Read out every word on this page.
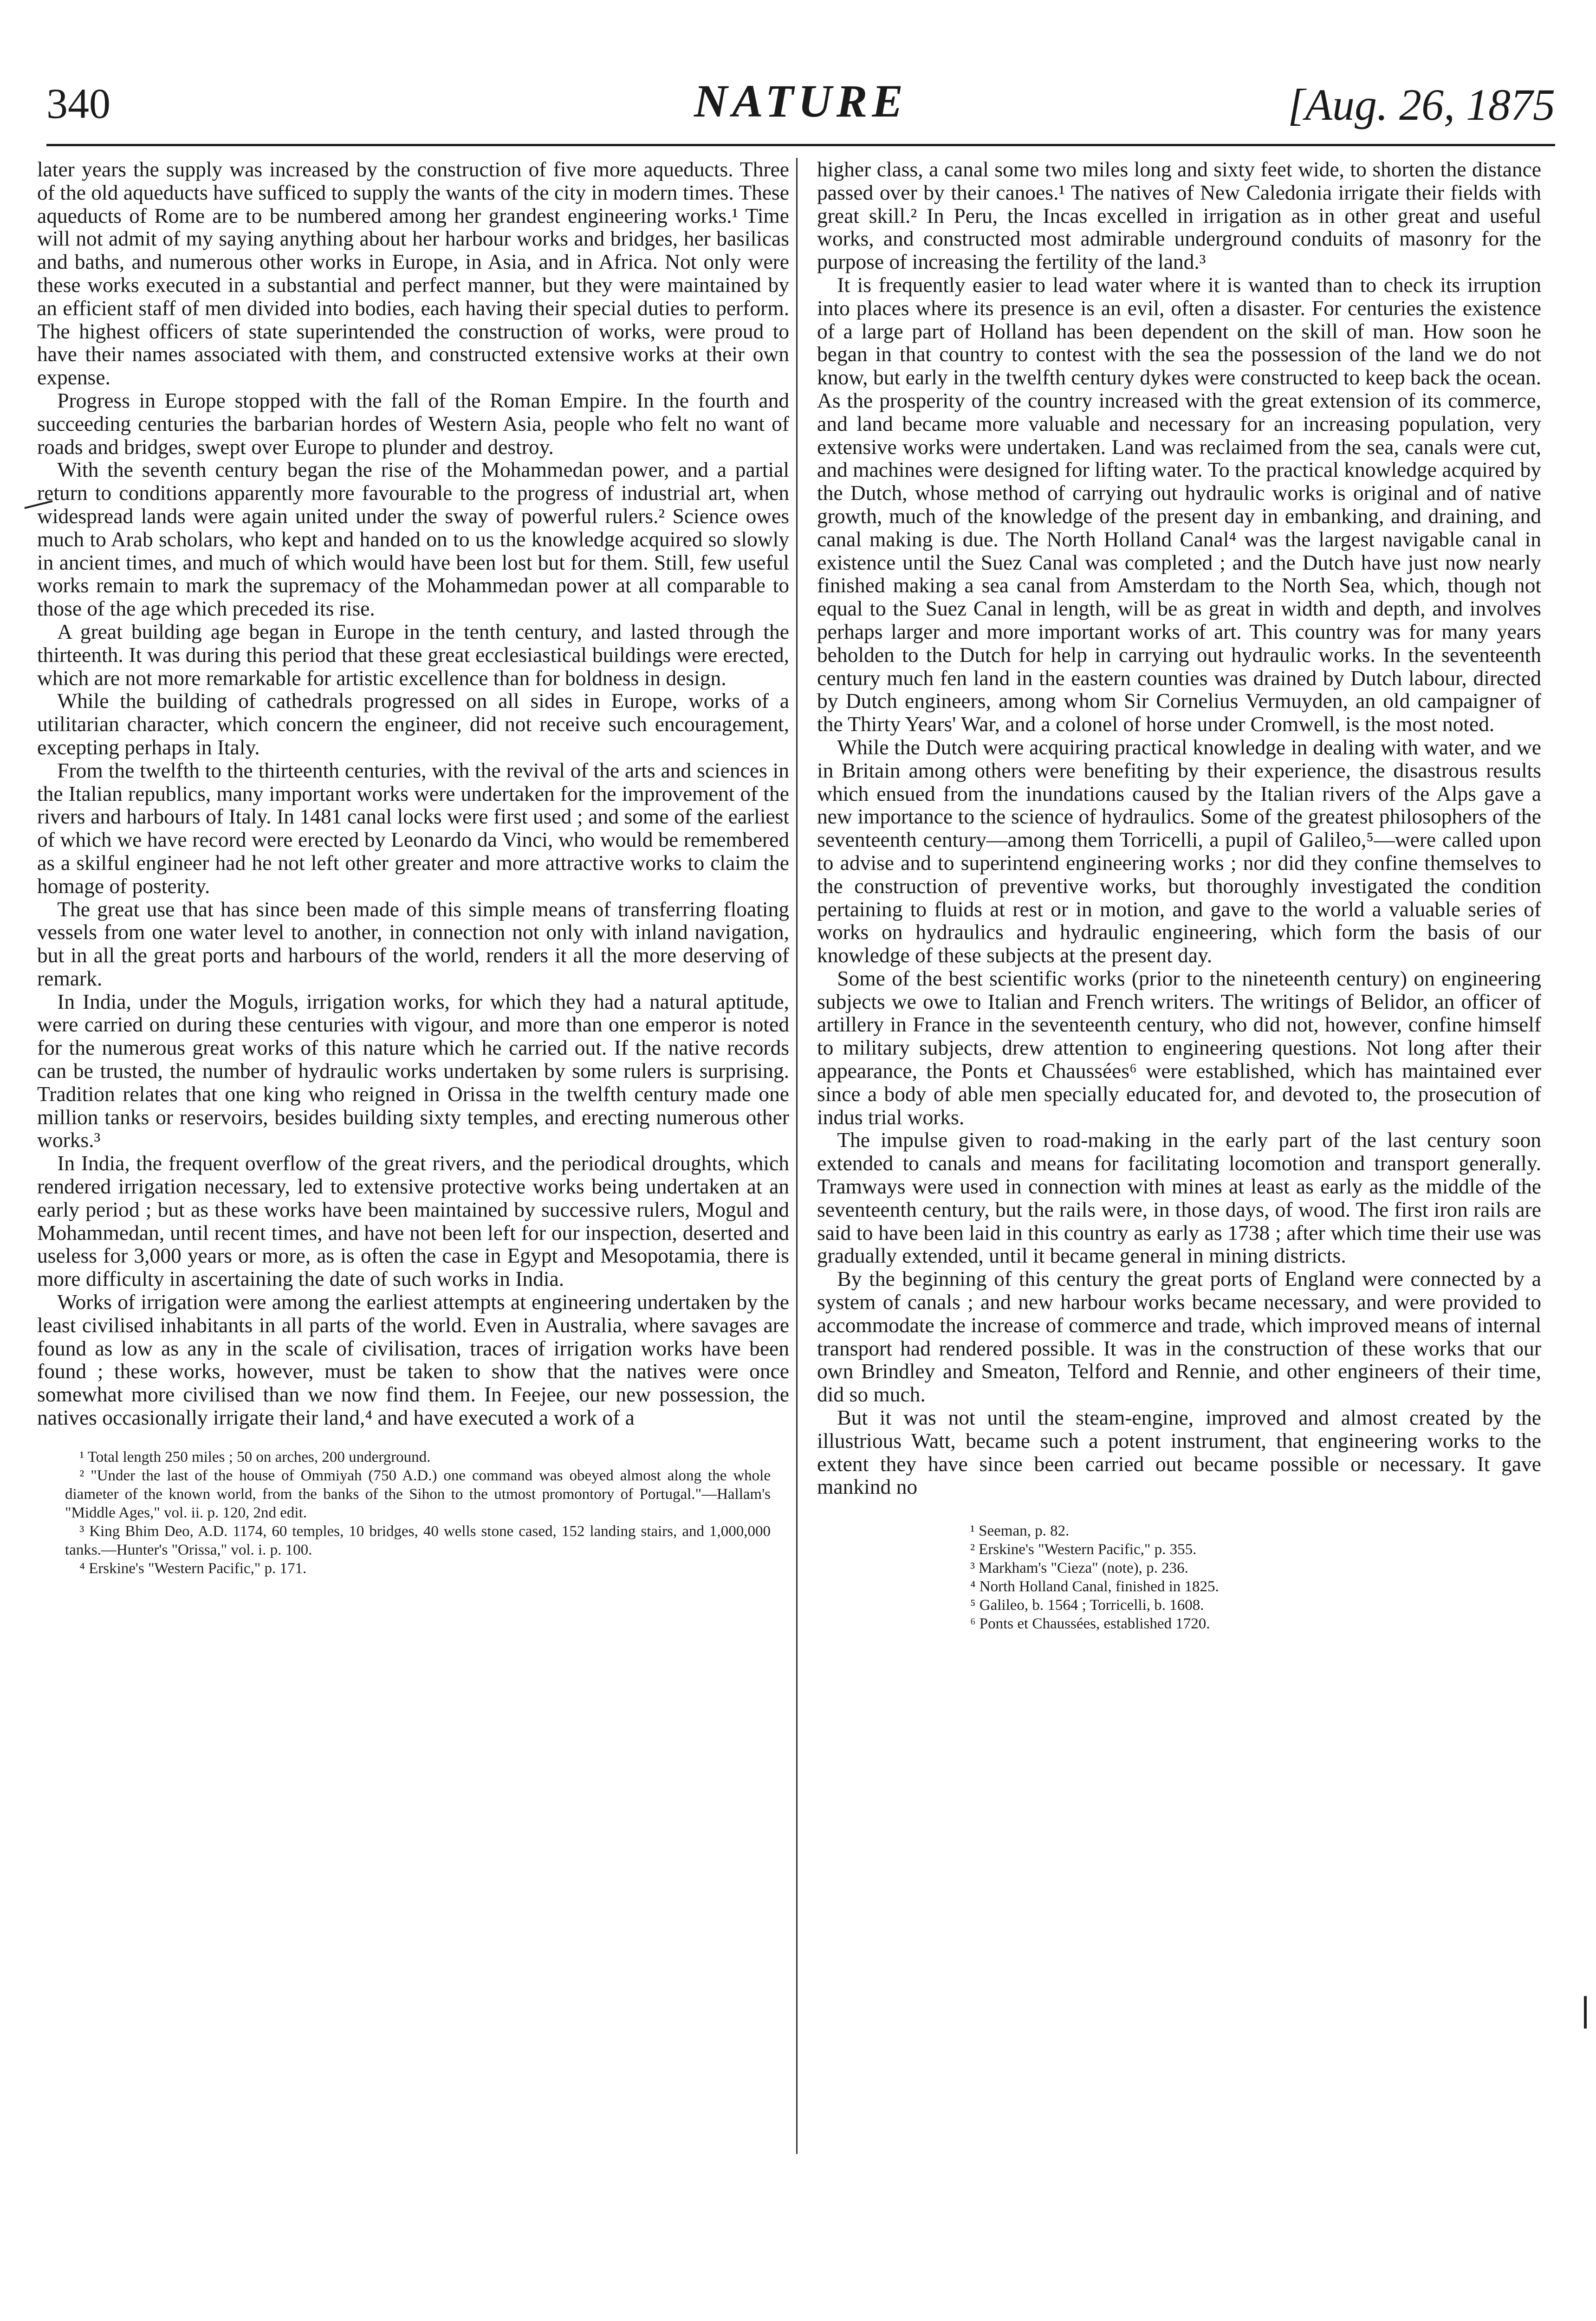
340	NATURE	[Aug. 26, 1875

later years the supply was increased by the construction of five more aqueducts. Three of the old aqueducts have sufficed to supply the wants of the city in modern times. These aqueducts of Rome are to be numbered among her grandest engineering works.¹ Time will not admit of my saying anything about her harbour works and bridges, her basilicas and baths, and numerous other works in Europe, in Asia, and in Africa. Not only were these works executed in a substantial and perfect manner, but they were maintained by an efficient staff of men divided into bodies, each having their special duties to perform. The highest officers of state superintended the construction of works, were proud to have their names associated with them, and constructed extensive works at their own expense.

Progress in Europe stopped with the fall of the Roman Empire. In the fourth and succeeding centuries the barbarian hordes of Western Asia, people who felt no want of roads and bridges, swept over Europe to plunder and destroy.

With the seventh century began the rise of the Mohammedan power, and a partial return to conditions apparently more favourable to the progress of industrial art, when widespread lands were again united under the sway of powerful rulers.² Science owes much to Arab scholars, who kept and handed on to us the knowledge acquired so slowly in ancient times, and much of which would have been lost but for them. Still, few useful works remain to mark the supremacy of the Mohammedan power at all comparable to those of the age which preceded its rise.

A great building age began in Europe in the tenth century, and lasted through the thirteenth. It was during this period that these great ecclesiastical buildings were erected, which are not more remarkable for artistic excellence than for boldness in design.

While the building of cathedrals progressed on all sides in Europe, works of a utilitarian character, which concern the engineer, did not receive such encouragement, excepting perhaps in Italy.

From the twelfth to the thirteenth centuries, with the revival of the arts and sciences in the Italian republics, many important works were undertaken for the improvement of the rivers and harbours of Italy. In 1481 canal locks were first used ; and some of the earliest of which we have record were erected by Leonardo da Vinci, who would be remembered as a skilful engineer had he not left other greater and more attractive works to claim the homage of posterity.

The great use that has since been made of this simple means of transferring floating vessels from one water level to another, in connection not only with inland navigation, but in all the great ports and harbours of the world, renders it all the more deserving of remark.

In India, under the Moguls, irrigation works, for which they had a natural aptitude, were carried on during these centuries with vigour, and more than one emperor is noted for the numerous great works of this nature which he carried out. If the native records can be trusted, the number of hydraulic works undertaken by some rulers is surprising. Tradition relates that one king who reigned in Orissa in the twelfth century made one million tanks or reservoirs, besides building sixty temples, and erecting numerous other works.³

In India, the frequent overflow of the great rivers, and the periodical droughts, which rendered irrigation necessary, led to extensive protective works being undertaken at an early period ; but as these works have been maintained by successive rulers, Mogul and Mohammedan, until recent times, and have not been left for our inspection, deserted and useless for 3,000 years or more, as is often the case in Egypt and Mesopotamia, there is more difficulty in ascertaining the date of such works in India.

Works of irrigation were among the earliest attempts at engineering undertaken by the least civilised inhabitants in all parts of the world. Even in Australia, where savages are found as low as any in the scale of civilisation, traces of irrigation works have been found ; these works, however, must be taken to show that the natives were once somewhat more civilised than we now find them. In Feejee, our new possession, the natives occasionally irrigate their land,⁴ and have executed a work of a

¹ Total length 250 miles ; 50 on arches, 200 underground.

² "Under the last of the house of Ommiyah (750 A.D.) one command was obeyed almost along the whole diameter of the known world, from the banks of the Sihon to the utmost promontory of Portugal."—Hallam's "Middle Ages," vol. ii. p. 120, 2nd edit.

³ King Bhim Deo, A.D. 1174, 60 temples, 10 bridges, 40 wells stone cased, 152 landing stairs, and 1,000,000 tanks.—Hunter's "Orissa," vol. i. p. 100.

⁴ Erskine's "Western Pacific," p. 171.

higher class, a canal some two miles long and sixty feet wide, to shorten the distance passed over by their canoes.¹ The natives of New Caledonia irrigate their fields with great skill.² In Peru, the Incas excelled in irrigation as in other great and useful works, and constructed most admirable underground conduits of masonry for the purpose of increasing the fertility of the land.³

It is frequently easier to lead water where it is wanted than to check its irruption into places where its presence is an evil, often a disaster. For centuries the existence of a large part of Holland has been dependent on the skill of man. How soon he began in that country to contest with the sea the possession of the land we do not know, but early in the twelfth century dykes were constructed to keep back the ocean. As the prosperity of the country increased with the great extension of its commerce, and land became more valuable and necessary for an increasing population, very extensive works were undertaken. Land was reclaimed from the sea, canals were cut, and machines were designed for lifting water. To the practical knowledge acquired by the Dutch, whose method of carrying out hydraulic works is original and of native growth, much of the knowledge of the present day in embanking, and draining, and canal making is due. The North Holland Canal⁴ was the largest navigable canal in existence until the Suez Canal was completed ; and the Dutch have just now nearly finished making a sea canal from Amsterdam to the North Sea, which, though not equal to the Suez Canal in length, will be as great in width and depth, and involves perhaps larger and more important works of art. This country was for many years beholden to the Dutch for help in carrying out hydraulic works. In the seventeenth century much fen land in the eastern counties was drained by Dutch labour, directed by Dutch engineers, among whom Sir Cornelius Vermuyden, an old campaigner of the Thirty Years' War, and a colonel of horse under Cromwell, is the most noted.

While the Dutch were acquiring practical knowledge in dealing with water, and we in Britain among others were benefiting by their experience, the disastrous results which ensued from the inundations caused by the Italian rivers of the Alps gave a new importance to the science of hydraulics. Some of the greatest philosophers of the seventeenth century—among them Torricelli, a pupil of Galileo,⁵—were called upon to advise and to superintend engineering works ; nor did they confine themselves to the construction of preventive works, but thoroughly investigated the condition pertaining to fluids at rest or in motion, and gave to the world a valuable series of works on hydraulics and hydraulic engineering, which form the basis of our knowledge of these subjects at the present day.

Some of the best scientific works (prior to the nineteenth century) on engineering subjects we owe to Italian and French writers. The writings of Belidor, an officer of artillery in France in the seventeenth century, who did not, however, confine himself to military subjects, drew attention to engineering questions. Not long after their appearance, the Ponts et Chaussées⁶ were established, which has maintained ever since a body of able men specially educated for, and devoted to, the prosecution of indus trial works.

The impulse given to road-making in the early part of the last century soon extended to canals and means for facilitating locomotion and transport generally. Tramways were used in connection with mines at least as early as the middle of the seventeenth century, but the rails were, in those days, of wood. The first iron rails are said to have been laid in this country as early as 1738 ; after which time their use was gradually extended, until it became general in mining districts.

By the beginning of this century the great ports of England were connected by a system of canals ; and new harbour works became necessary, and were provided to accommodate the increase of commerce and trade, which improved means of internal transport had rendered possible. It was in the construction of these works that our own Brindley and Smeaton, Telford and Rennie, and other engineers of their time, did so much.

But it was not until the steam-engine, improved and almost created by the illustrious Watt, became such a potent instrument, that engineering works to the extent they have since been carried out became possible or necessary. It gave mankind no

¹ Seeman, p. 82.

² Erskine's "Western Pacific," p. 355.

³ Markham's "Cieza" (note), p. 236.

⁴ North Holland Canal, finished in 1825.

⁵ Galileo, b. 1564 ; Torricelli, b. 1608.

⁶ Ponts et Chaussées, established 1720.
